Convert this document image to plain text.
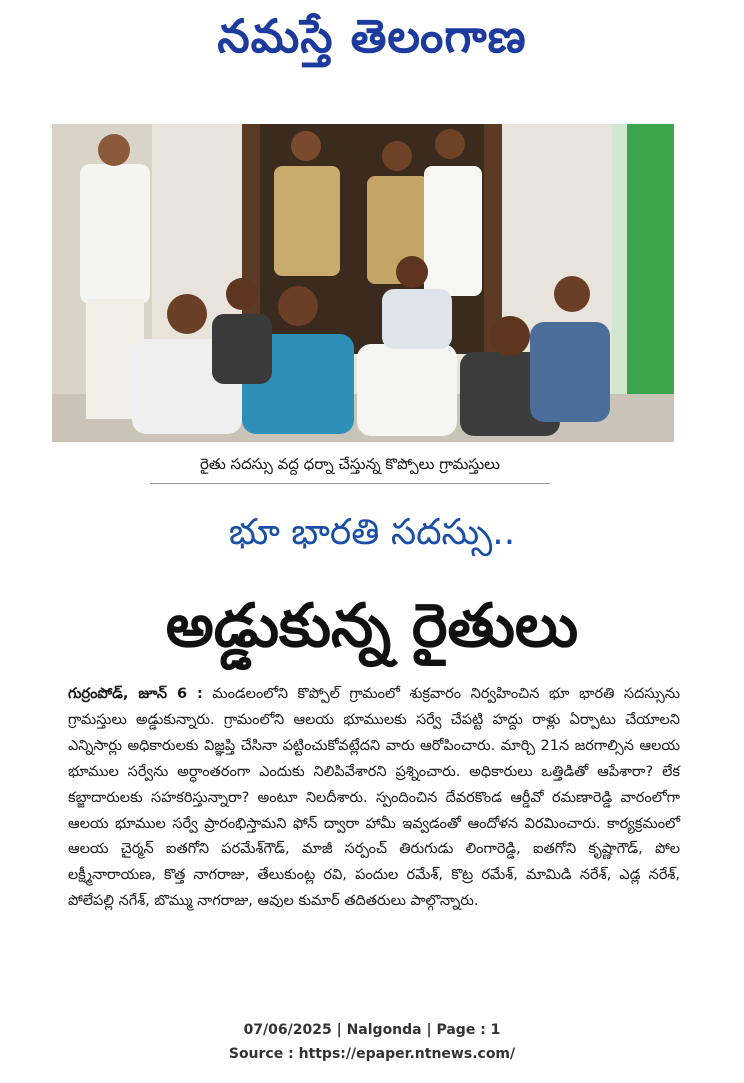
నమస్తే తెలంగాణ
రైతు సదస్సు వద్ద ధర్నా చేస్తున్న కొప్పోలు గ్రామస్తులు
భూ భారతి సదస్సు..
అడ్డుకున్న రైతులు
గుర్రంపోడ్, జూన్ 6 : మండలంలోని కొప్పోల్ గ్రామంలో శుక్రవారం నిర్వహించిన భూ భారతి సదస్సును గ్రామస్తులు అడ్డుకున్నారు. గ్రామంలోని ఆలయ భూములకు సర్వే చేపట్టి హద్దు రాళ్లు ఏర్పాటు చేయాలని ఎన్నిసార్లు అధికారులకు విజ్ఞప్తి చేసినా పట్టించుకోవట్లేదని వారు ఆరోపించారు. మార్చి 21న జరగాల్సిన ఆలయ భూముల సర్వేను అర్ధాంతరంగా ఎందుకు నిలిపివేశారని ప్రశ్నించారు. అధికారులు ఒత్తిడితో ఆపేశారా? లేక కబ్జాదారులకు సహకరిస్తున్నారా? అంటూ నిలదీశారు. స్పందించిన దేవరకొండ ఆర్డీవో రమణారెడ్డి వారంలోగా ఆలయ భూముల సర్వే ప్రారంభిస్తామని ఫోన్ ద్వారా హామీ ఇవ్వడంతో ఆందోళన విరమించారు. కార్యక్రమంలో ఆలయ చైర్మన్ ఐతగోని పరమేశ్‌గౌడ్, మాజీ సర్పంచ్ తిరుగుడు లింగారెడ్డి, ఐతగోని కృష్ణాగౌడ్, పోల లక్ష్మీనారాయణ, కొత్త నాగరాజు, తేలుకుంట్ల రవి, పందుల రమేశ్, కొట్ర రమేశ్, మామిడి నరేశ్, ఎడ్ల నరేశ్, పోలేపల్లి నగేశ్, బొమ్ము నాగరాజు, ఆవుల కుమార్ తదితరులు పాల్గొన్నారు.
07/06/2025 | Nalgonda | Page : 1
Source : https://epaper.ntnews.com/
